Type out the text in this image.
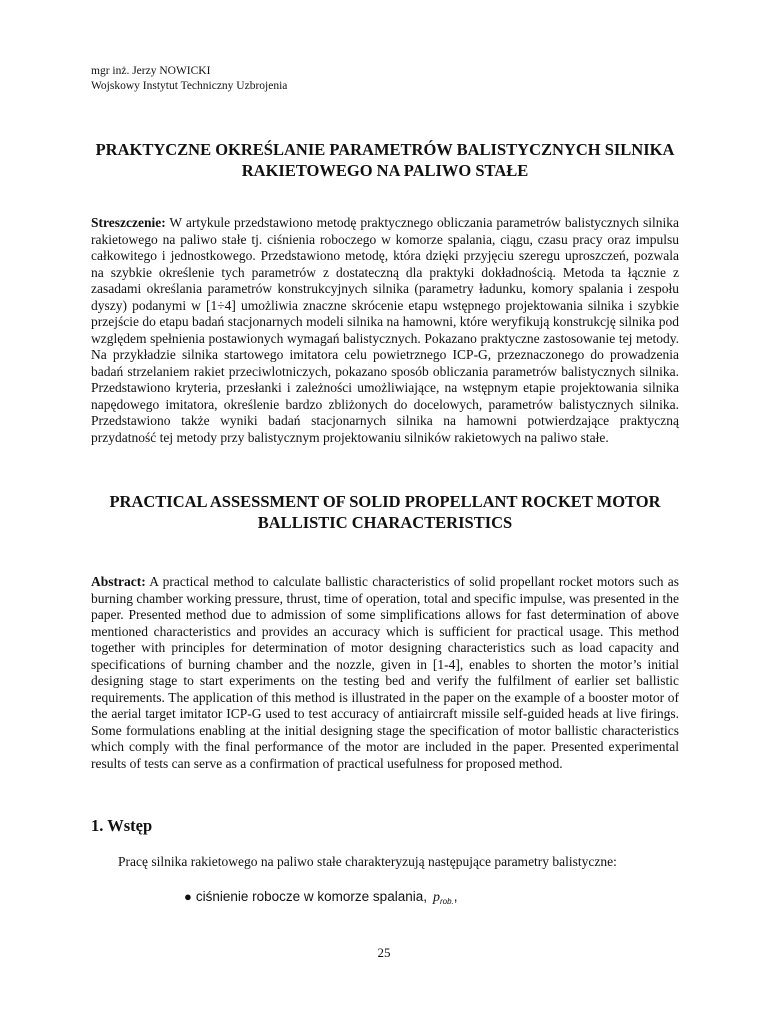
mgr inż. Jerzy NOWICKI
Wojskowy Instytut Techniczny Uzbrojenia
PRAKTYCZNE OKREŚLANIE PARAMETRÓW BALISTYCZNYCH SILNIKA RAKIETOWEGO NA PALIWO STAŁE

Streszczenie: W artykule przedstawiono metodę praktycznego obliczania parametrów balistycznych silnika rakietowego na paliwo stałe tj. ciśnienia roboczego w komorze spalania, ciągu, czasu pracy oraz impulsu całkowitego i jednostkowego. Przedstawiono metodę, która dzięki przyjęciu szeregu uproszczeń, pozwala na szybkie określenie tych parametrów z dostateczną dla praktyki dokładnością. Metoda ta łącznie z zasadami określania parametrów konstrukcyjnych silnika (parametry ładunku, komory spalania i zespołu dyszy) podanymi w [1÷4] umożliwia znaczne skrócenie etapu wstępnego projektowania silnika i szybkie przejście do etapu badań stacjonarnych modeli silnika na hamowni, które weryfikują konstrukcję silnika pod względem spełnienia postawionych wymagań balistycznych. Pokazano praktyczne zastosowanie tej metody. Na przykładzie silnika startowego imitatora celu powietrznego ICP-G, przeznaczonego do prowadzenia badań strzelaniem rakiet przeciwlotniczych, pokazano sposób obliczania parametrów balistycznych silnika. Przedstawiono kryteria, przesłanki i zależności umożliwiające, na wstępnym etapie projektowania silnika napędowego imitatora, określenie bardzo zbliżonych do docelowych, parametrów balistycznych silnika. Przedstawiono także wyniki badań stacjonarnych silnika na hamowni potwierdzające praktyczną przydatność tej metody przy balistycznym projektowaniu silników rakietowych na paliwo stałe.

PRACTICAL ASSESSMENT OF SOLID PROPELLANT ROCKET MOTOR BALLISTIC CHARACTERISTICS

Abstract: A practical method to calculate ballistic characteristics of solid propellant rocket motors such as burning chamber working pressure, thrust, time of operation, total and specific impulse, was presented in the paper. Presented method due to admission of some simplifications allows for fast determination of above mentioned characteristics and provides an accuracy which is sufficient for practical usage. This method together with principles for determination of motor designing characteristics such as load capacity and specifications of burning chamber and the nozzle, given in [1-4], enables to shorten the motor’s initial designing stage to start experiments on the testing bed and verify the fulfilment of earlier set ballistic requirements. The application of this method is illustrated in the paper on the example of a booster motor of the aerial target imitator ICP-G used to test accuracy of antiaircraft missile self-guided heads at live firings. Some formulations enabling at the initial designing stage the specification of motor ballistic characteristics which comply with the final performance of the motor are included in the paper. Presented experimental results of tests can serve as a confirmation of practical usefulness for proposed method.

1. Wstęp

Pracę silnika rakietowego na paliwo stałe charakteryzują następujące parametry balistyczne:

● ciśnienie robocze w komorze spalania, $p_{rob.}$,
25
